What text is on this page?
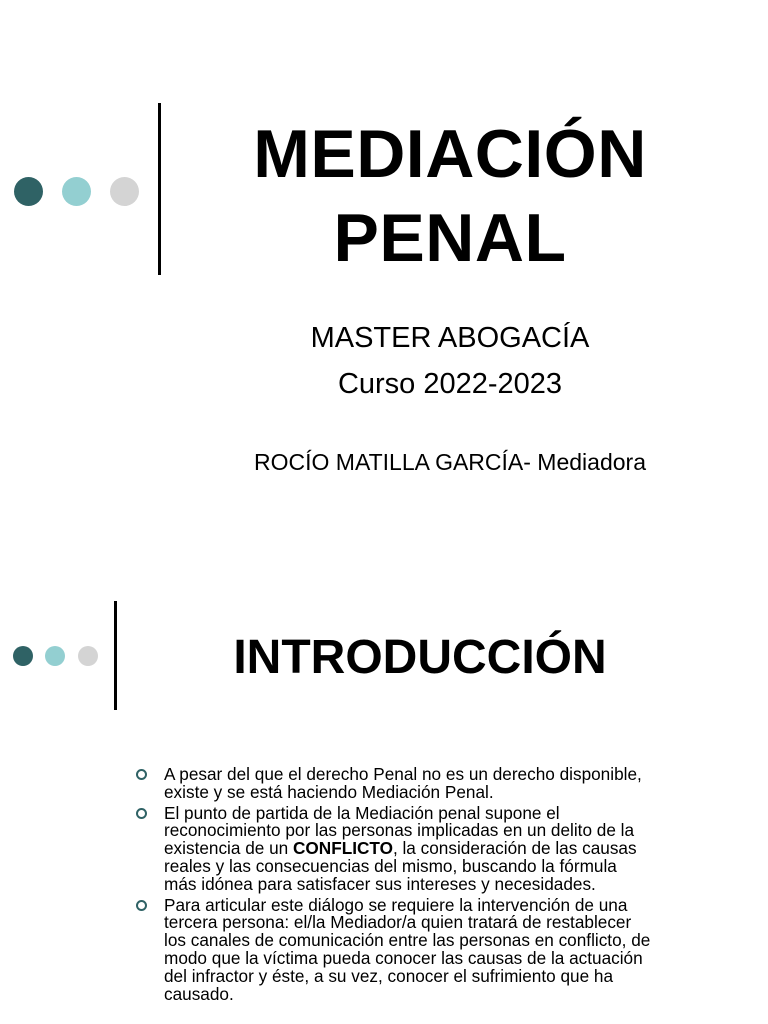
MEDIACIÓN
PENAL
MASTER ABOGACÍA
Curso 2022-2023
ROCÍO MATILLA GARCÍA- Mediadora
INTRODUCCIÓN
A pesar del que el derecho Penal no es un derecho disponible,
existe y se está haciendo Mediación Penal.
El punto de partida de la Mediación penal supone el
reconocimiento por las personas implicadas en un delito de la
existencia de un CONFLICTO, la consideración de las causas
reales y las consecuencias del mismo, buscando la fórmula
más idónea para satisfacer sus intereses y necesidades.
Para articular este diálogo se requiere la intervención de una
tercera persona: el/la Mediador/a quien tratará de restablecer
los canales de comunicación entre las personas en conflicto, de
modo que la víctima pueda conocer las causas de la actuación
del infractor y éste, a su vez, conocer el sufrimiento que ha
causado.
